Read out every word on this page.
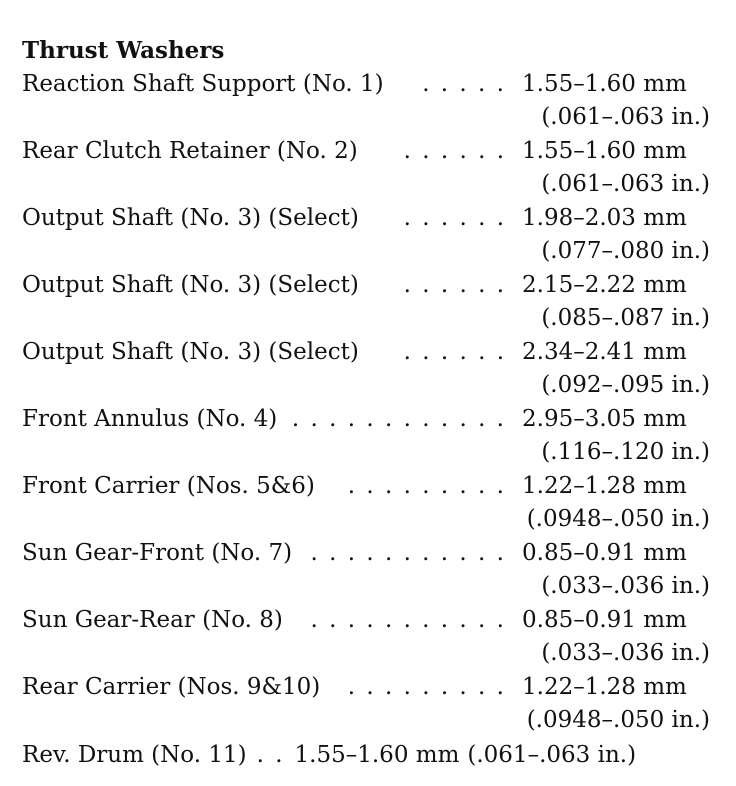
Thrust Washers
Reaction Shaft Support (No. 1)	. . . . . 1.55–1.60 mm
(.061–.063 in.)
Rear Clutch Retainer (No. 2)	. . . . . . 1.55–1.60 mm
(.061–.063 in.)
Output Shaft (No. 3) (Select)	. . . . . . 1.98–2.03 mm
(.077–.080 in.)
Output Shaft (No. 3) (Select)	. . . . . . 2.15–2.22 mm
(.085–.087 in.)
Output Shaft (No. 3) (Select)	. . . . . . 2.34–2.41 mm
(.092–.095 in.)
Front Annulus (No. 4) . . . . . . . . . . . . 2.95–3.05 mm
(.116–.120 in.)
Front Carrier (Nos. 5&6)	. . . . . . . . . 1.22–1.28 mm
(.0948–.050 in.)
Sun Gear-Front (No. 7) . . . . . . . . . . . 0.85–0.91 mm
(.033–.036 in.)
Sun Gear-Rear (No. 8)	. . . . . . . . . . . 0.85–0.91 mm
(.033–.036 in.)
Rear Carrier (Nos. 9&10)	. . . . . . . . . 1.22–1.28 mm
(.0948–.050 in.)
Rev. Drum (No. 11) . . 1.55–1.60 mm (.061–.063 in.)
